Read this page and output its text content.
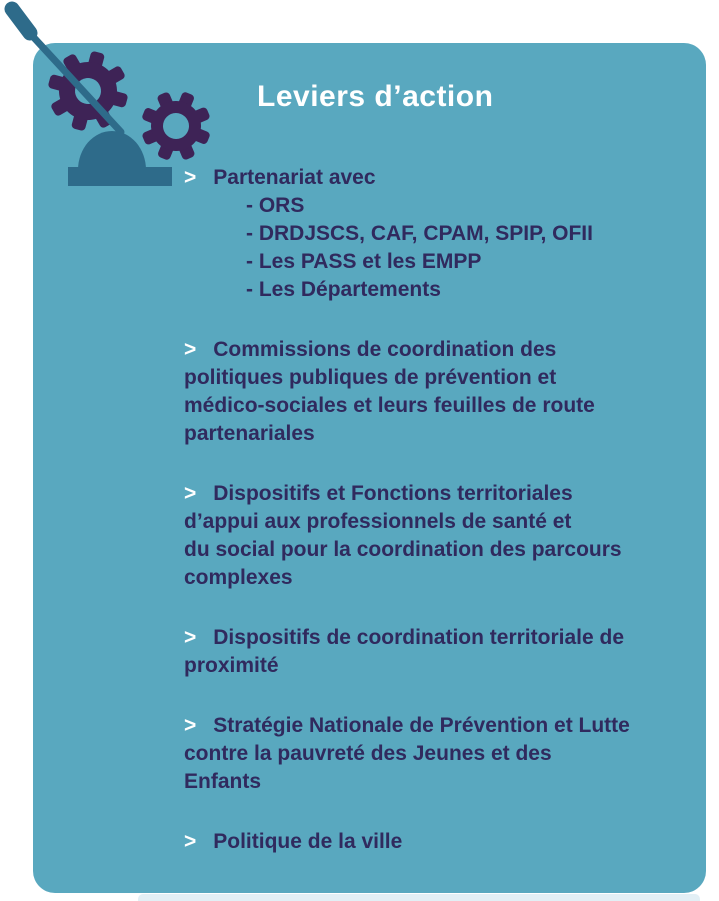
Leviers d’action
> Partenariat avec
- ORS
- DRDJSCS, CAF, CPAM, SPIP, OFII
- Les PASS et les EMPP
- Les Départements
> Commissions de coordination des
politiques publiques de prévention et
médico-sociales et leurs feuilles de route
partenariales
> Dispositifs et Fonctions territoriales
d’appui aux professionnels de santé et
du social pour la coordination des parcours
complexes
> Dispositifs de coordination territoriale de
proximité
> Stratégie Nationale de Prévention et Lutte
contre la pauvreté des Jeunes et des
Enfants
> Politique de la ville
